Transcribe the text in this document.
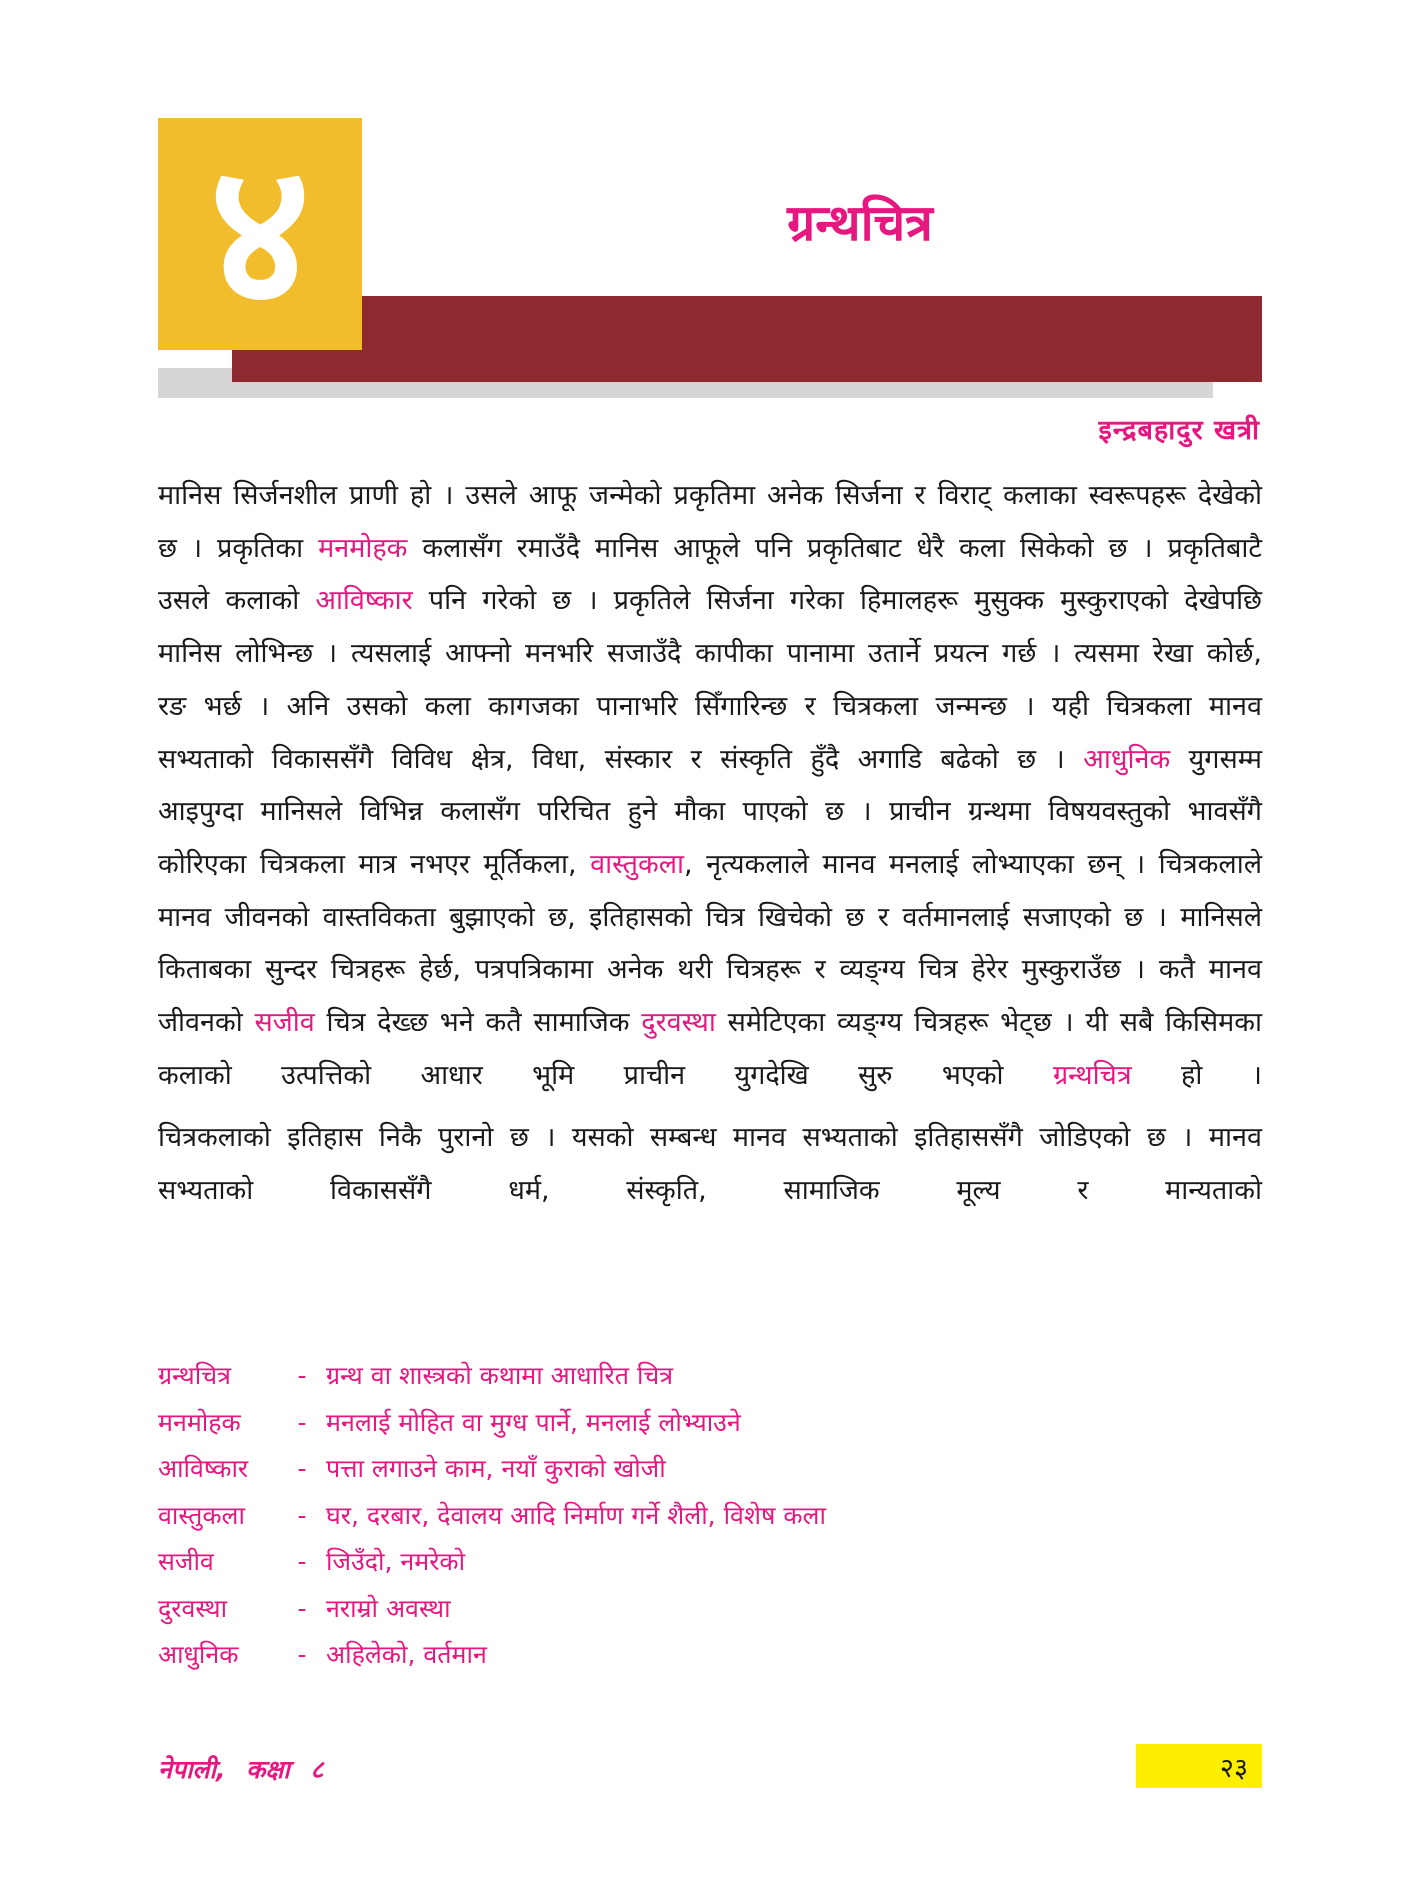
४	ग्रन्थचित्र
इन्द्रबहादुर खत्री

मानिस सिर्जनशील प्राणी हो । उसले आफू जन्मेको प्रकृतिमा अनेक सिर्जना र विराट् कलाका स्वरूपहरू देखेको छ । प्रकृतिका मनमोहक कलासँग रमाउँदै मानिस आफूले पनि प्रकृतिबाट धेरै कला सिकेको छ । प्रकृतिबाटै उसले कलाको आविष्कार पनि गरेको छ । प्रकृतिले सिर्जना गरेका हिमालहरू मुसुक्क मुस्कुराएको देखेपछि मानिस लोभिन्छ । त्यसलाई आफ्नो मनभरि सजाउँदै कापीका पानामा उतार्ने प्रयत्न गर्छ । त्यसमा रेखा कोर्छ, रङ भर्छ । अनि उसको कला कागजका पानाभरि सिँगारिन्छ र चित्रकला जन्मन्छ । यही चित्रकला मानव सभ्यताको विकाससँगै विविध क्षेत्र, विधा, संस्कार र संस्कृति हुँदै अगाडि बढेको छ । आधुनिक युगसम्म आइपुग्दा मानिसले विभिन्न कलासँग परिचित हुने मौका पाएको छ । प्राचीन ग्रन्थमा विषयवस्तुको भावसँगै कोरिएका चित्रकला मात्र नभएर मूर्तिकला, वास्तुकला, नृत्यकलाले मानव मनलाई लोभ्याएका छन् । चित्रकलाले मानव जीवनको वास्तविकता बुझाएको छ, इतिहासको चित्र खिचेको छ र वर्तमानलाई सजाएको छ । मानिसले किताबका सुन्दर चित्रहरू हेर्छ, पत्रपत्रिकामा अनेक थरी चित्रहरू र व्यङ्ग्य चित्र हेरेर मुस्कुराउँछ । कतै मानव जीवनको सजीव चित्र देख्छ भने कतै सामाजिक दुरवस्था समेटिएका व्यङ्ग्य चित्रहरू भेट्छ । यी सबै किसिमका कलाको उत्पत्तिको आधार भूमि प्राचीन युगदेखि सुरु भएको ग्रन्थचित्र हो ।

चित्रकलाको इतिहास निकै पुरानो छ । यसको सम्बन्ध मानव सभ्यताको इतिहाससँगै जोडिएको छ । मानव सभ्यताको विकाससँगै धर्म, संस्कृति, सामाजिक मूल्य र मान्यताको

ग्रन्थचित्र	- ग्रन्थ वा शास्त्रको कथामा आधारित चित्र
मनमोहक	- मनलाई मोहित वा मुग्ध पार्ने, मनलाई लोभ्याउने
आविष्कार	- पत्ता लगाउने काम, नयाँ कुराको खोजी
वास्तुकला	- घर, दरबार, देवालय आदि निर्माण गर्ने शैली, विशेष कला
सजीव	- जिउँदो, नमरेको
दुरवस्था	- नराम्रो अवस्था
आधुनिक	- अहिलेको, वर्तमान
नेपाली, कक्षा ८	२३
